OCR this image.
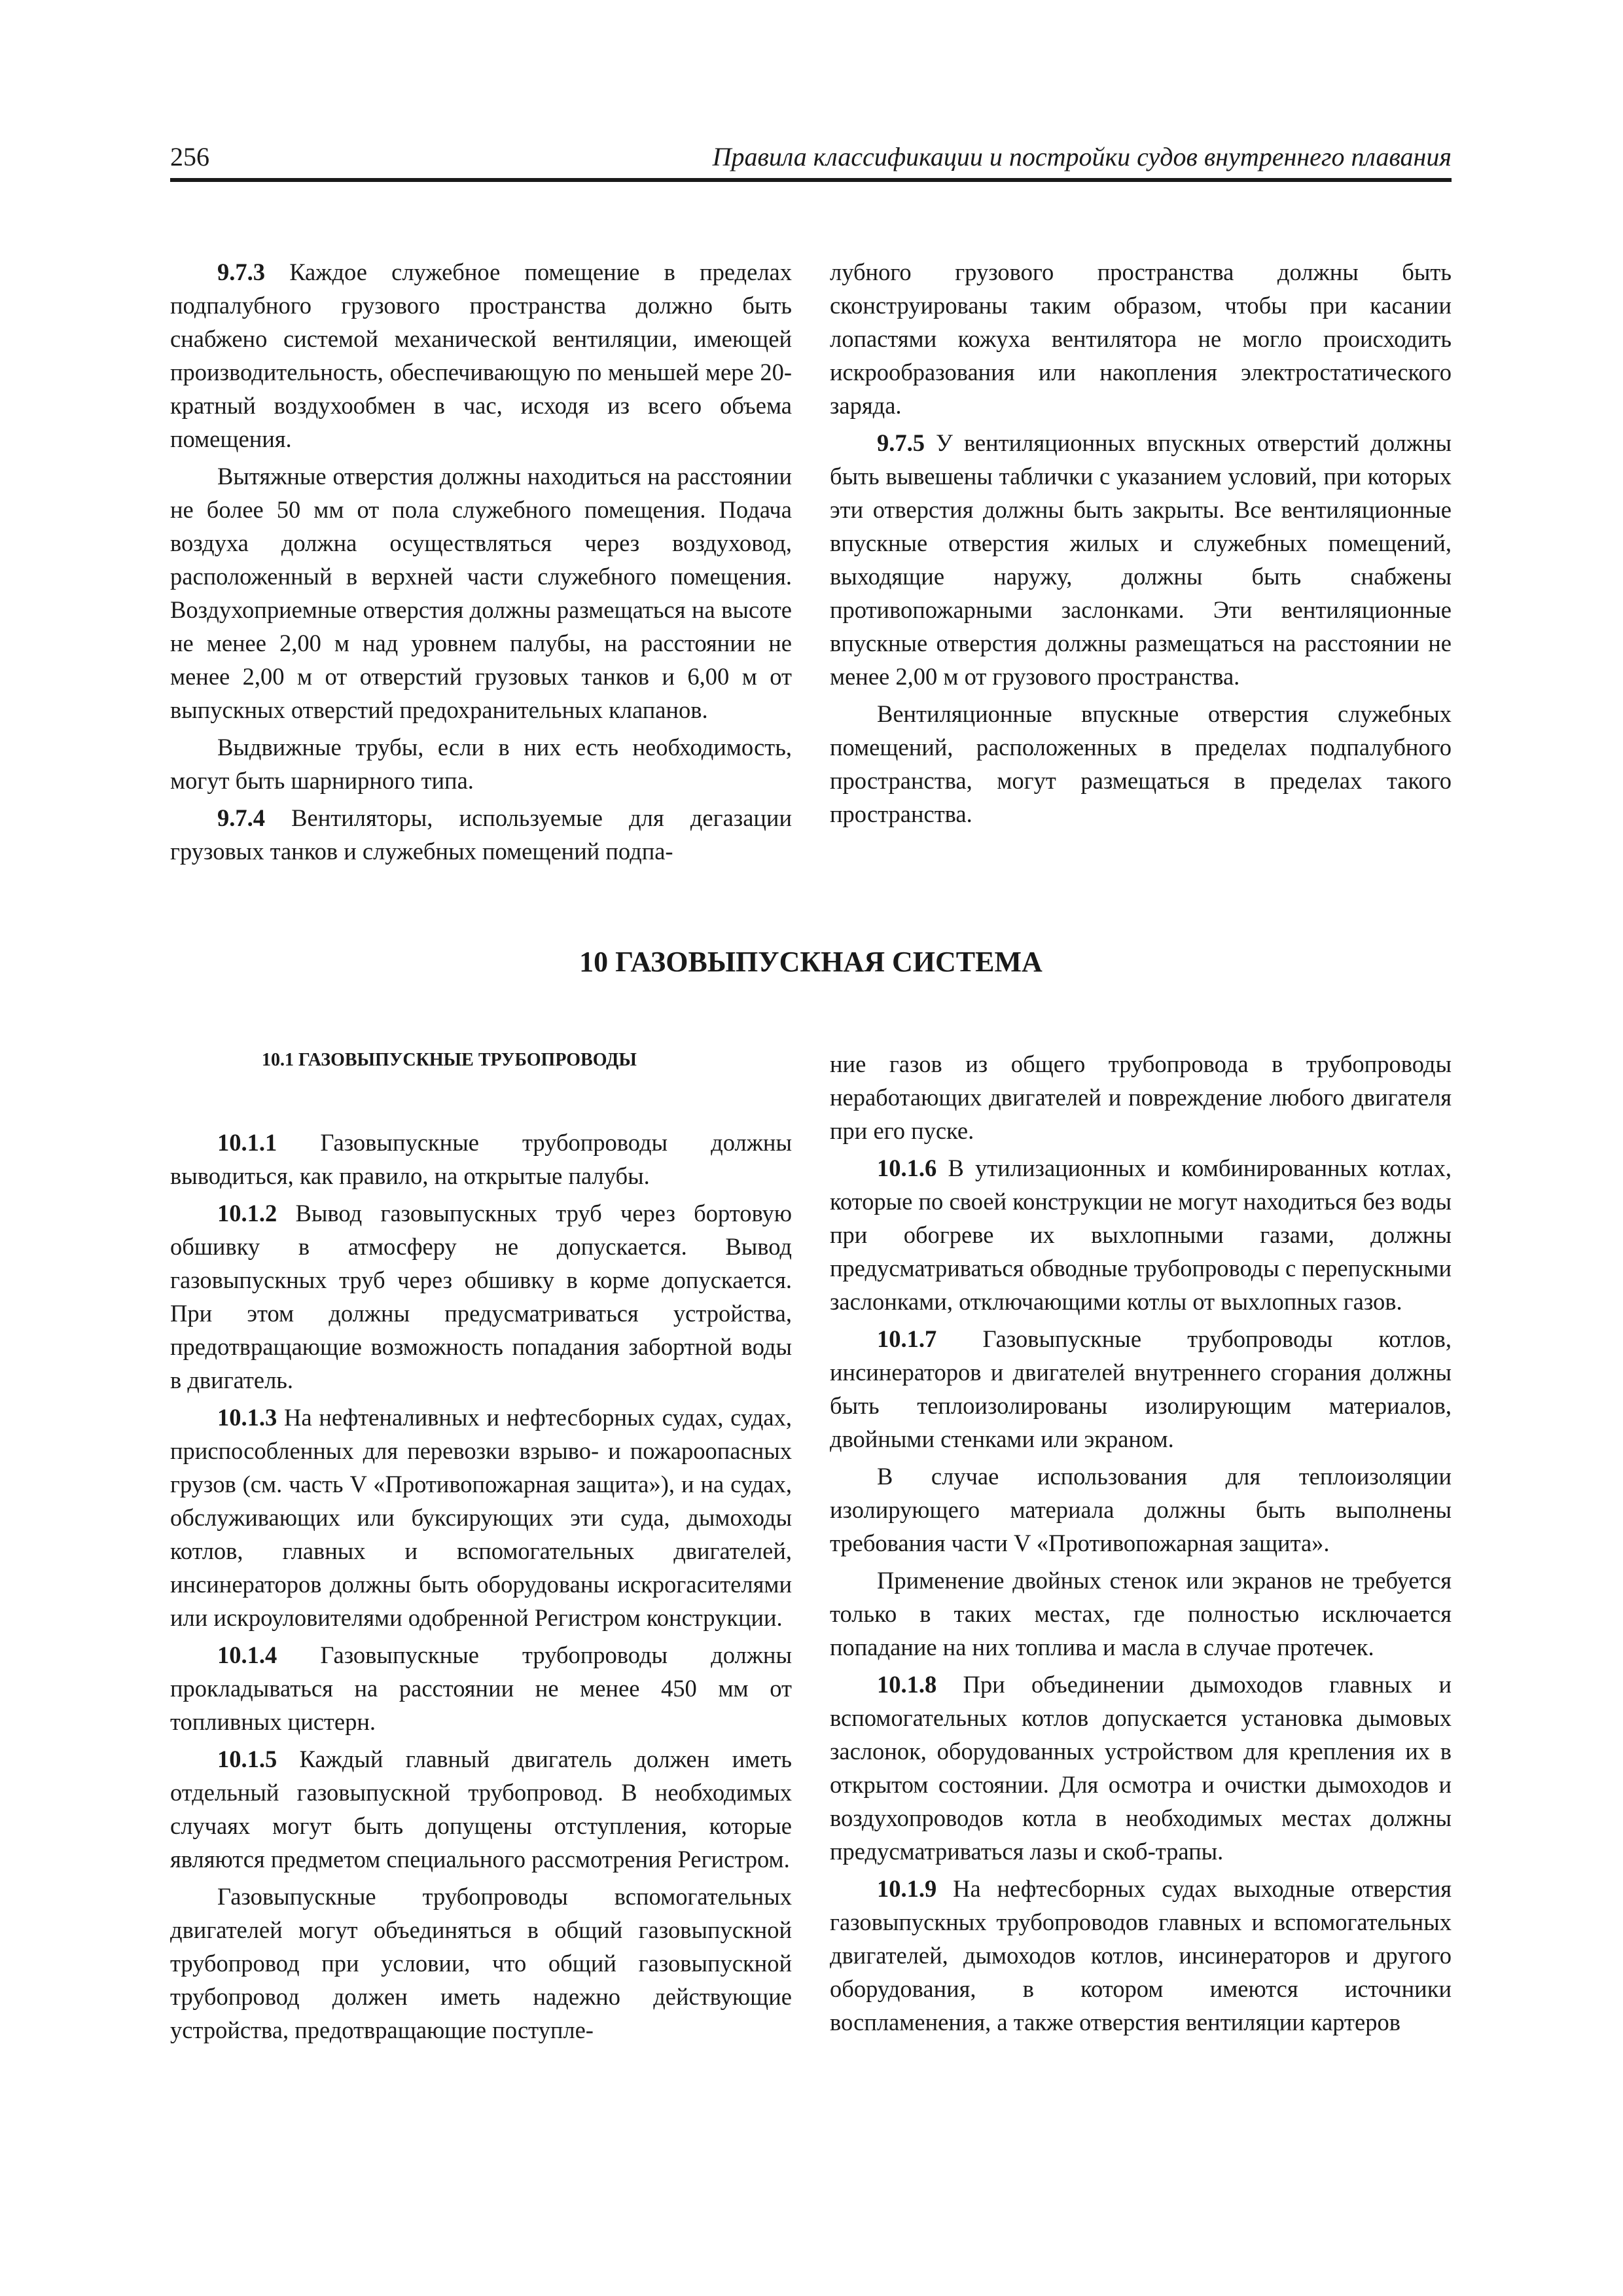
256	Правила классификации и постройки судов внутреннего плавания

9.7.3 Каждое служебное помещение в пределах подпалубного грузового пространства должно быть снабжено системой механической вентиляции, имеющей производительность, обеспечивающую по меньшей мере 20-кратный воздухообмен в час, исходя из всего объема помещения.

Вытяжные отверстия должны находиться на расстоянии не более 50 мм от пола служебного помещения. Подача воздуха должна осуществляться через воздуховод, расположенный в верхней части служебного помещения. Воздухоприемные отверстия должны размещаться на высоте не менее 2,00 м над уровнем палубы, на расстоянии не менее 2,00 м от отверстий грузовых танков и 6,00 м от выпускных отверстий предохранительных клапанов.

Выдвижные трубы, если в них есть необходимость, могут быть шарнирного типа.

9.7.4 Вентиляторы, используемые для дегазации грузовых танков и служебных помещений подпа-

лубного грузового пространства должны быть сконструированы таким образом, чтобы при касании лопастями кожуха вентилятора не могло происходить искрообразования или накопления электростатического заряда.

9.7.5 У вентиляционных впускных отверстий должны быть вывешены таблички с указанием условий, при которых эти отверстия должны быть закрыты. Все вентиляционные впускные отверстия жилых и служебных помещений, выходящие наружу, должны быть снабжены противопожарными заслонками. Эти вентиляционные впускные отверстия должны размещаться на расстоянии не менее 2,00 м от грузового пространства.

Вентиляционные впускные отверстия служебных помещений, расположенных в пределах подпалубного пространства, могут размещаться в пределах такого пространства.

10 ГАЗОВЫПУСКНАЯ СИСТЕМА

10.1 ГАЗОВЫПУСКНЫЕ ТРУБОПРОВОДЫ

10.1.1 Газовыпускные трубопроводы должны выводиться, как правило, на открытые палубы.

10.1.2 Вывод газовыпускных труб через бортовую обшивку в атмосферу не допускается. Вывод газовыпускных труб через обшивку в корме допускается. При этом должны предусматриваться устройства, предотвращающие возможность попадания забортной воды в двигатель.

10.1.3 На нефтеналивных и нефтесборных судах, судах, приспособленных для перевозки взрыво- и пожароопасных грузов (см. часть V «Противопожарная защита»), и на судах, обслуживающих или буксирующих эти суда, дымоходы котлов, главных и вспомогательных двигателей, инсинераторов должны быть оборудованы искрогасителями или искроуловителями одобренной Регистром конструкции.

10.1.4 Газовыпускные трубопроводы должны прокладываться на расстоянии не менее 450 мм от топливных цистерн.

10.1.5 Каждый главный двигатель должен иметь отдельный газовыпускной трубопровод. В необходимых случаях могут быть допущены отступления, которые являются предметом специального рассмотрения Регистром.

Газовыпускные трубопроводы вспомогательных двигателей могут объединяться в общий газовыпускной трубопровод при условии, что общий газовыпускной трубопровод должен иметь надежно действующие устройства, предотвращающие поступле-

ние газов из общего трубопровода в трубопроводы неработающих двигателей и повреждение любого двигателя при его пуске.

10.1.6 В утилизационных и комбинированных котлах, которые по своей конструкции не могут находиться без воды при обогреве их выхлопными газами, должны предусматриваться обводные трубопроводы с перепускными заслонками, отключающими котлы от выхлопных газов.

10.1.7 Газовыпускные трубопроводы котлов, инсинераторов и двигателей внутреннего сгорания должны быть теплоизолированы изолирующим материалов, двойными стенками или экраном.

В случае использования для теплоизоляции изолирующего материала должны быть выполнены требования части V «Противопожарная защита».

Применение двойных стенок или экранов не требуется только в таких местах, где полностью исключается попадание на них топлива и масла в случае протечек.

10.1.8 При объединении дымоходов главных и вспомогательных котлов допускается установка дымовых заслонок, оборудованных устройством для крепления их в открытом состоянии. Для осмотра и очистки дымоходов и воздухопроводов котла в необходимых местах должны предусматриваться лазы и скоб-трапы.

10.1.9 На нефтесборных судах выходные отверстия газовыпускных трубопроводов главных и вспомогательных двигателей, дымоходов котлов, инсинераторов и другого оборудования, в котором имеются источники воспламенения, а также отверстия вентиляции картеров
